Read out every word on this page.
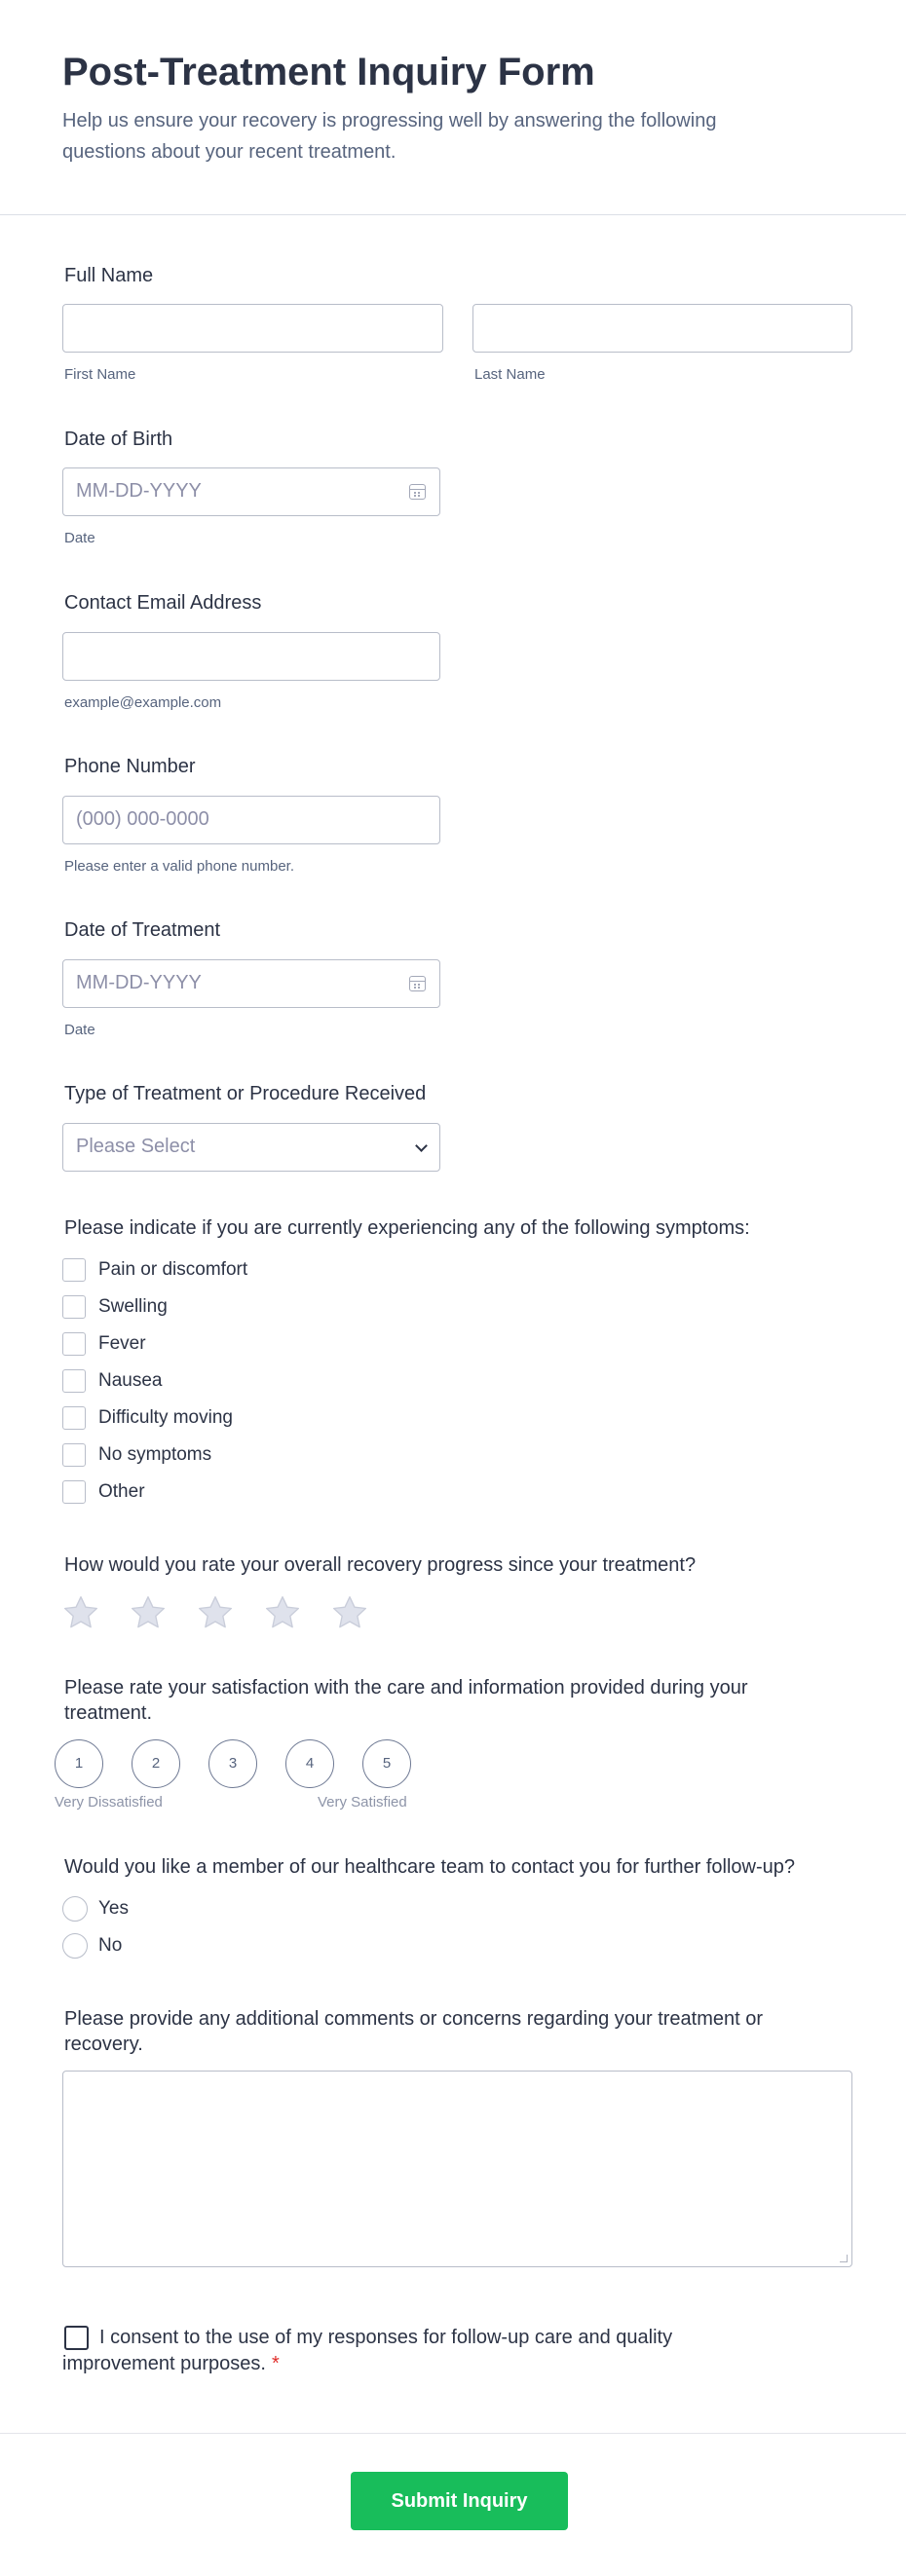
Post-Treatment Inquiry Form

Help us ensure your recovery is progressing well by answering the following questions about your recent treatment.

Full Name
First Name	Last Name
Date of Birth
MM-DD-YYYY
Date
Contact Email Address
example@example.com
Phone Number
(000) 000-0000
Please enter a valid phone number.
Date of Treatment
MM-DD-YYYY
Date
Type of Treatment or Procedure Received
Please Select
Please indicate if you are currently experiencing any of the following symptoms:
Pain or discomfort
Swelling
Fever
Nausea
Difficulty moving
No symptoms
Other
How would you rate your overall recovery progress since your treatment?
Please rate your satisfaction with the care and information provided during your treatment.
1	2	3	4	5
Very Dissatisfied	Very Satisfied
Would you like a member of our healthcare team to contact you for further follow-up?
Yes
No
Please provide any additional comments or concerns regarding your treatment or recovery.
I consent to the use of my responses for follow-up care and quality improvement purposes. *
Submit Inquiry
